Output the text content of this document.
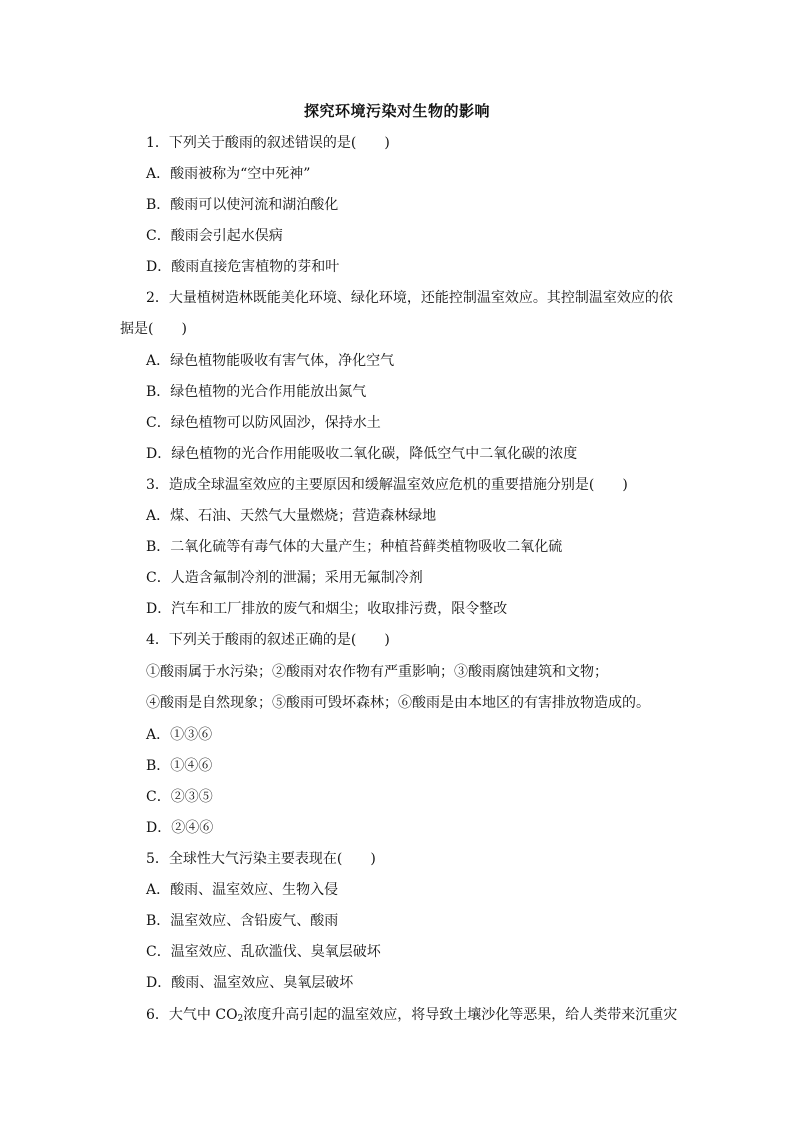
探究环境污染对生物的影响
1．下列关于酸雨的叙述错误的是(　　)
A．酸雨被称为“空中死神”
B．酸雨可以使河流和湖泊酸化
C．酸雨会引起水俣病
D．酸雨直接危害植物的芽和叶
2．大量植树造林既能美化环境、绿化环境，还能控制温室效应。其控制温室效应的依
据是(　　)
A．绿色植物能吸收有害气体，净化空气
B．绿色植物的光合作用能放出氮气
C．绿色植物可以防风固沙，保持水土
D．绿色植物的光合作用能吸收二氧化碳，降低空气中二氧化碳的浓度
3．造成全球温室效应的主要原因和缓解温室效应危机的重要措施分别是(　　)
A．煤、石油、天然气大量燃烧；营造森林绿地
B．二氧化硫等有毒气体的大量产生；种植苔藓类植物吸收二氧化硫
C．人造含氟制冷剂的泄漏；采用无氟制冷剂
D．汽车和工厂排放的废气和烟尘；收取排污费，限令整改
4．下列关于酸雨的叙述正确的是(　　)
①酸雨属于水污染；②酸雨对农作物有严重影响；③酸雨腐蚀建筑和文物；
④酸雨是自然现象；⑤酸雨可毁坏森林；⑥酸雨是由本地区的有害排放物造成的。
A．①③⑥
B．①④⑥
C．②③⑤
D．②④⑥
5．全球性大气污染主要表现在(　　)
A．酸雨、温室效应、生物入侵
B．温室效应、含铅废气、酸雨
C．温室效应、乱砍滥伐、臭氧层破坏
D．酸雨、温室效应、臭氧层破坏
6．大气中 $CO_2$浓度升高引起的温室效应，将导致土壤沙化等恶果，给人类带来沉重灾
